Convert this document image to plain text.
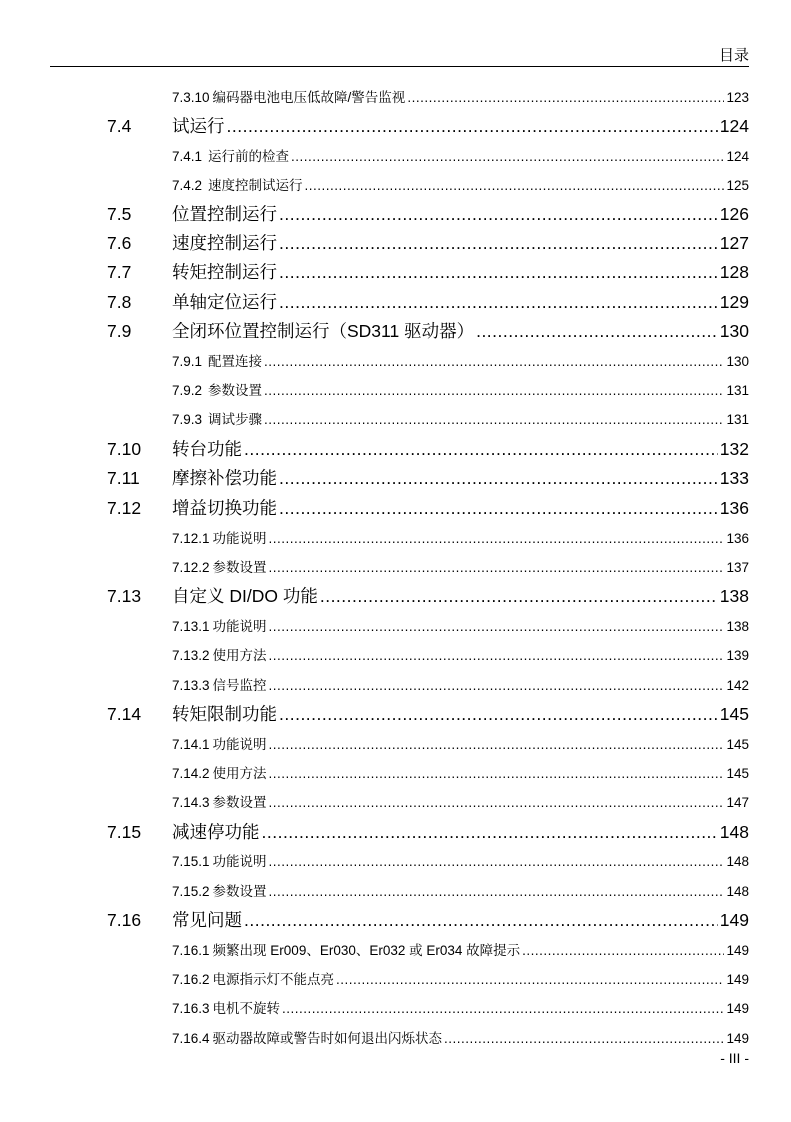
目录
7.3.10 编码器电池电压低故障/警告监视 .....	123
7.4	试运行 .....	124
7.4.1 运行前的检查 .....	124
7.4.2 速度控制试运行 .....	125
7.5	位置控制运行 .....	126
7.6	速度控制运行 .....	127
7.7	转矩控制运行 .....	128
7.8	单轴定位运行 .....	129
7.9	全闭环位置控制运行（SD311 驱动器） .....	130
7.9.1 配置连接 .....	130
7.9.2 参数设置 .....	131
7.9.3 调试步骤 .....	131
7.10	转台功能 .....	132
7.11	摩擦补偿功能 .....	133
7.12	增益切换功能 .....	136
7.12.1 功能说明 .....	136
7.12.2 参数设置 .....	137
7.13	自定义 DI/DO 功能 .....	138
7.13.1 功能说明 .....	138
7.13.2 使用方法 .....	139
7.13.3 信号监控 .....	142
7.14	转矩限制功能 .....	145
7.14.1 功能说明 .....	145
7.14.2 使用方法 .....	145
7.14.3 参数设置 .....	147
7.15	减速停功能 .....	148
7.15.1 功能说明 .....	148
7.15.2 参数设置 .....	148
7.16	常见问题 .....	149
7.16.1 频繁出现 Er009、Er030、Er032 或 Er034 故障提示 .....	149
7.16.2 电源指示灯不能点亮 .....	149
7.16.3 电机不旋转 .....	149
7.16.4 驱动器故障或警告时如何退出闪烁状态 .....	149
- III -
